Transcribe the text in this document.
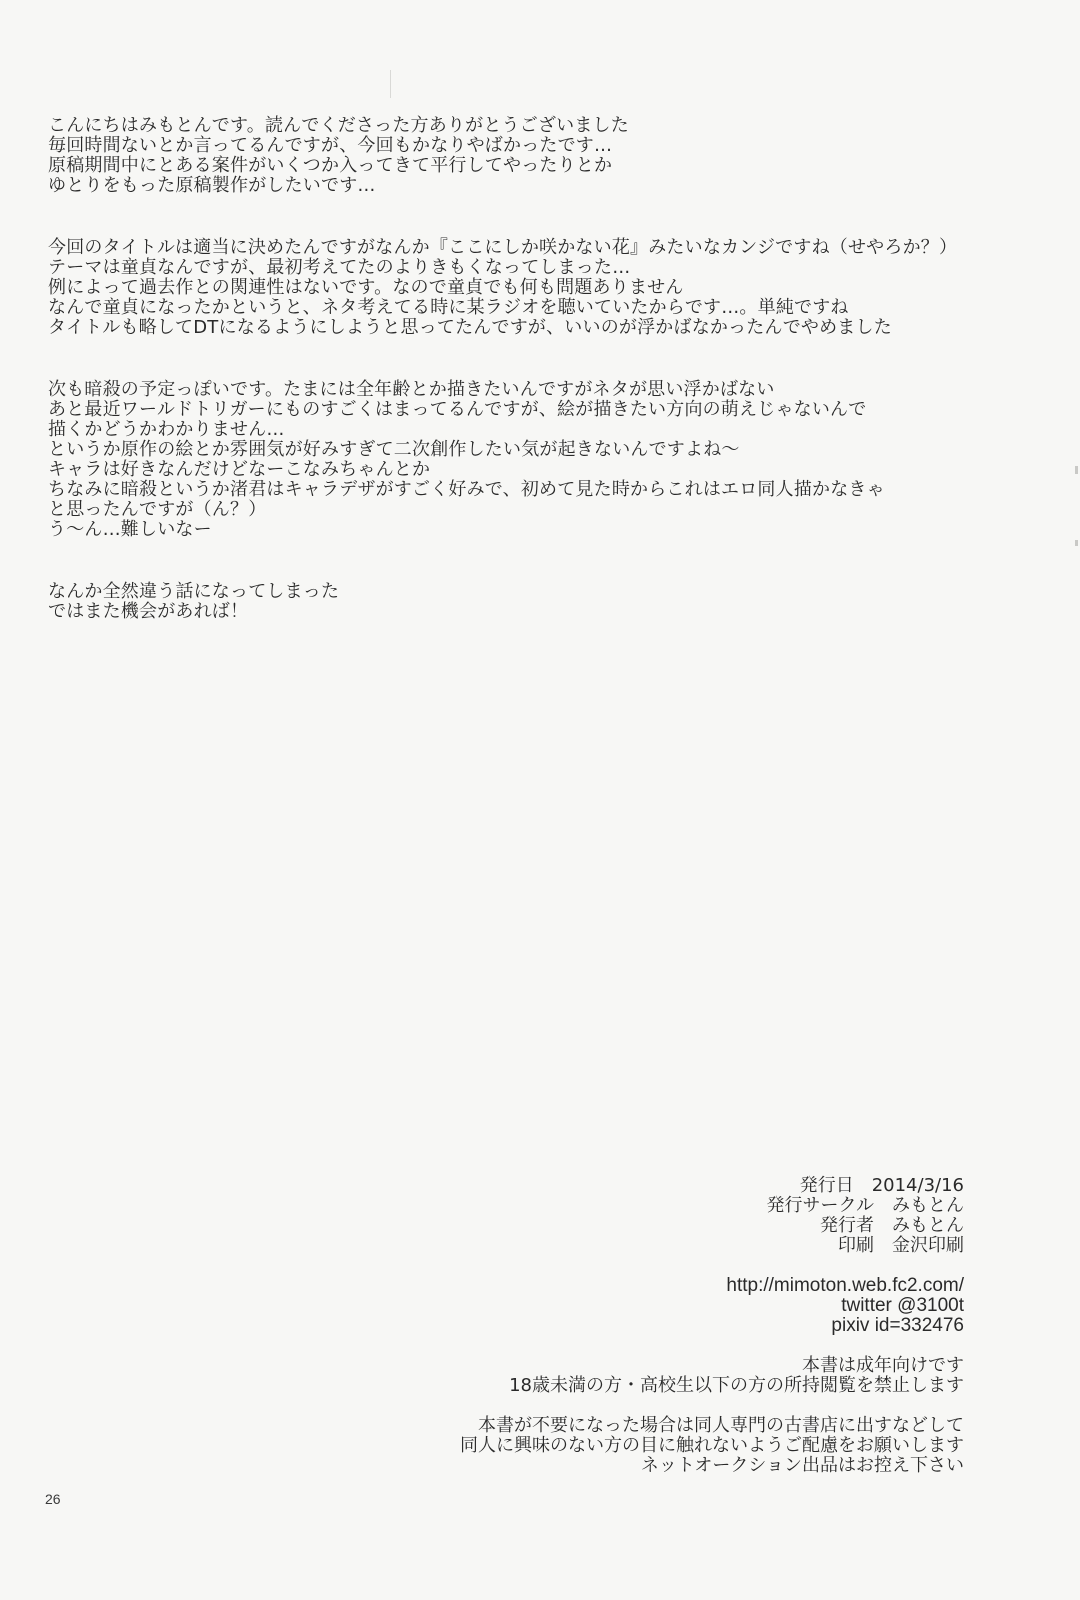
こんにちはみもとんです。読んでくださった方ありがとうございました
毎回時間ないとか言ってるんですが、今回もかなりやばかったです…
原稿期間中にとある案件がいくつか入ってきて平行してやったりとか
ゆとりをもった原稿製作がしたいです…
今回のタイトルは適当に決めたんですがなんか『ここにしか咲かない花』みたいなカンジですね（せやろか？）
テーマは童貞なんですが、最初考えてたのよりきもくなってしまった…
例によって過去作との関連性はないです。なので童貞でも何も問題ありません
なんで童貞になったかというと、ネタ考えてる時に某ラジオを聴いていたからです…。単純ですね
タイトルも略してDTになるようにしようと思ってたんですが、いいのが浮かばなかったんでやめました
次も暗殺の予定っぽいです。たまには全年齢とか描きたいんですがネタが思い浮かばない
あと最近ワールドトリガーにものすごくはまってるんですが、絵が描きたい方向の萌えじゃないんで
描くかどうかわかりません…
というか原作の絵とか雰囲気が好みすぎて二次創作したい気が起きないんですよね～
キャラは好きなんだけどなーこなみちゃんとか
ちなみに暗殺というか渚君はキャラデザがすごく好みで、初めて見た時からこれはエロ同人描かなきゃ
と思ったんですが（ん？）
う～ん…難しいなー
なんか全然違う話になってしまった
ではまた機会があれば！
発行日　2014/3/16
発行サークル　みもとん
発行者　みもとん
印刷　金沢印刷
http://mimoton.web.fc2.com/
twitter @3100t
pixiv id=332476
本書は成年向けです
18歳未満の方・高校生以下の方の所持閲覧を禁止します
本書が不要になった場合は同人専門の古書店に出すなどして
同人に興味のない方の目に触れないようご配慮をお願いします
ネットオークション出品はお控え下さい
26
